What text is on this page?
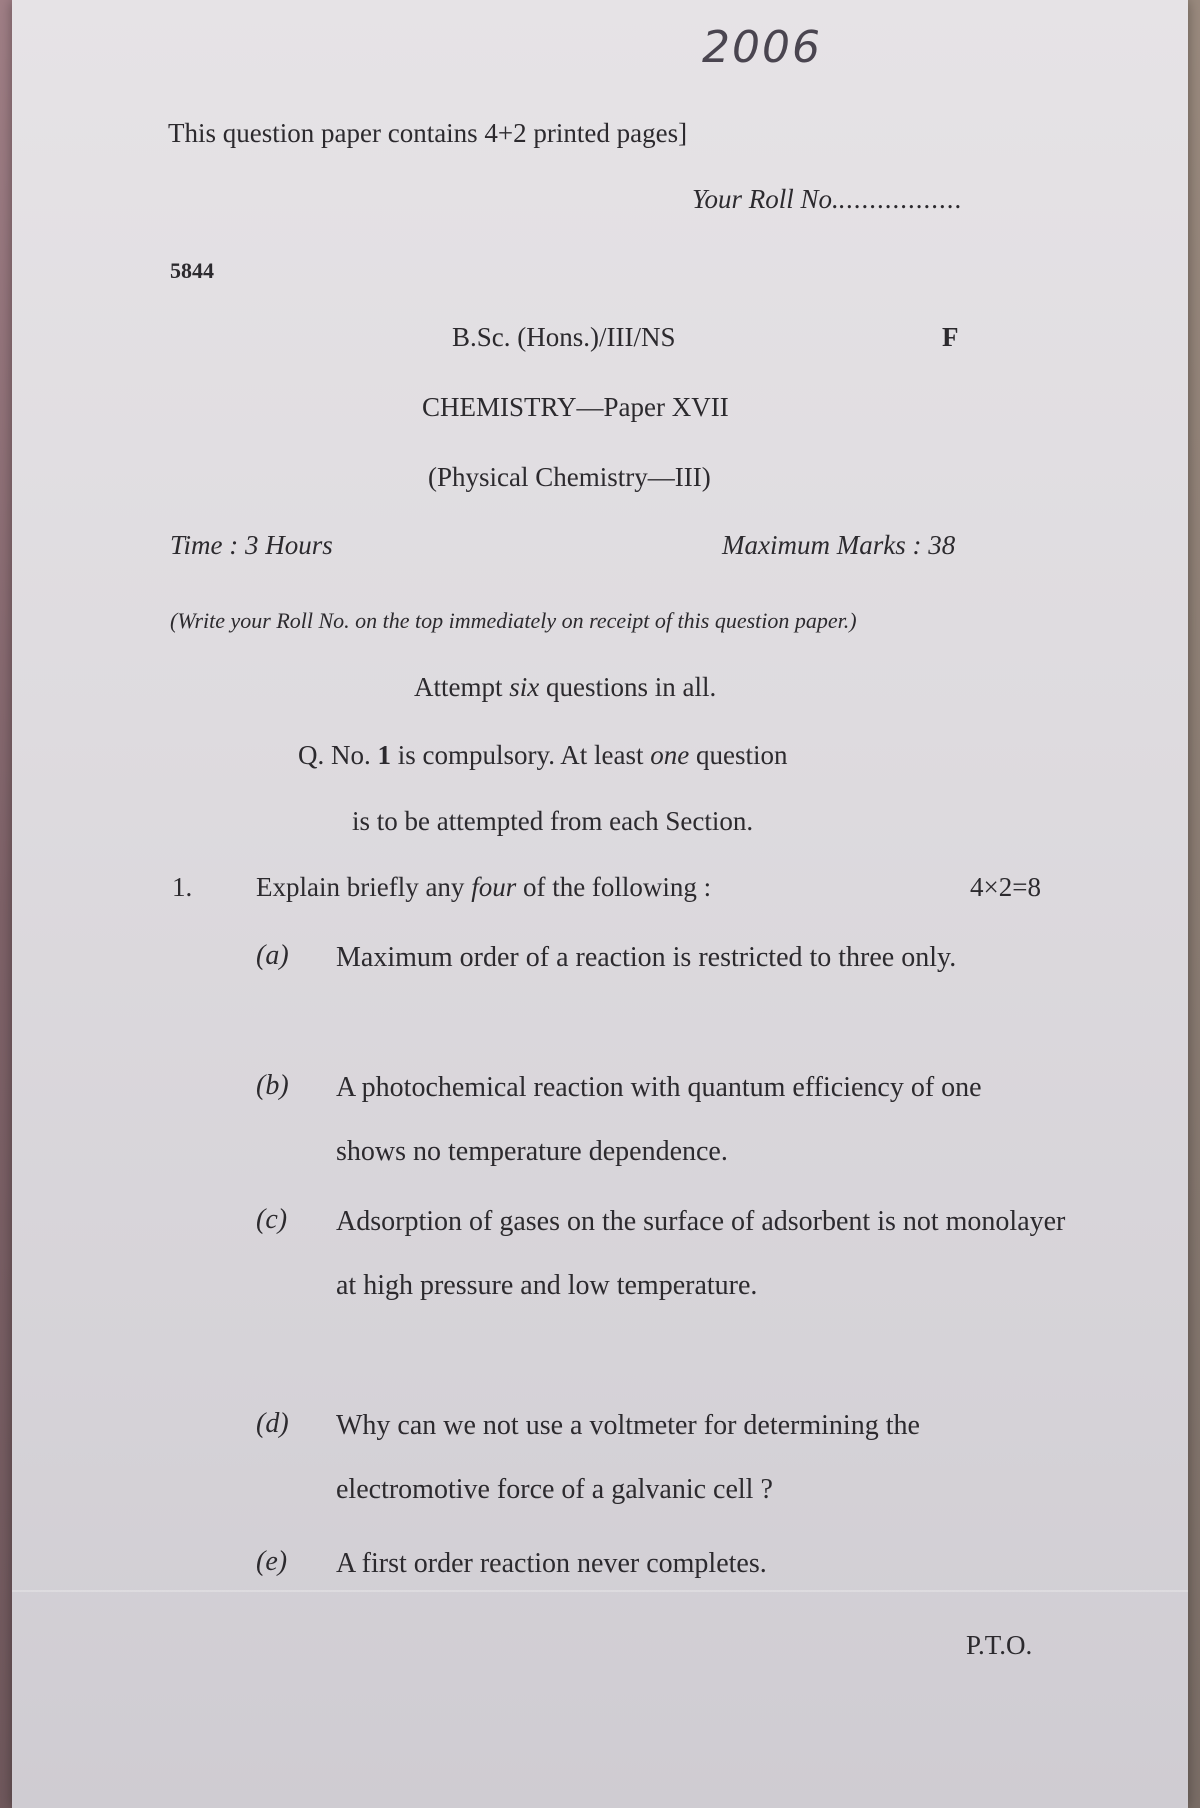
2006
This question paper contains 4+2 printed pages]
Your Roll No.................
5844
B.Sc. (Hons.)/III/NS	F
CHEMISTRY—Paper XVII
(Physical Chemistry—III)
Time : 3 Hours	Maximum Marks : 38
(Write your Roll No. on the top immediately on receipt of this question paper.)
Attempt six questions in all.
Q. No. 1 is compulsory. At least one question
is to be attempted from each Section.
1. Explain briefly any four of the following :	4×2=8
(a) Maximum order of a reaction is restricted to three only.
(b) A photochemical reaction with quantum efficiency of one shows no temperature dependence.
(c) Adsorption of gases on the surface of adsorbent is not monolayer at high pressure and low temperature.
(d) Why can we not use a voltmeter for determining the electromotive force of a galvanic cell ?
(e) A first order reaction never completes.
P.T.O.
